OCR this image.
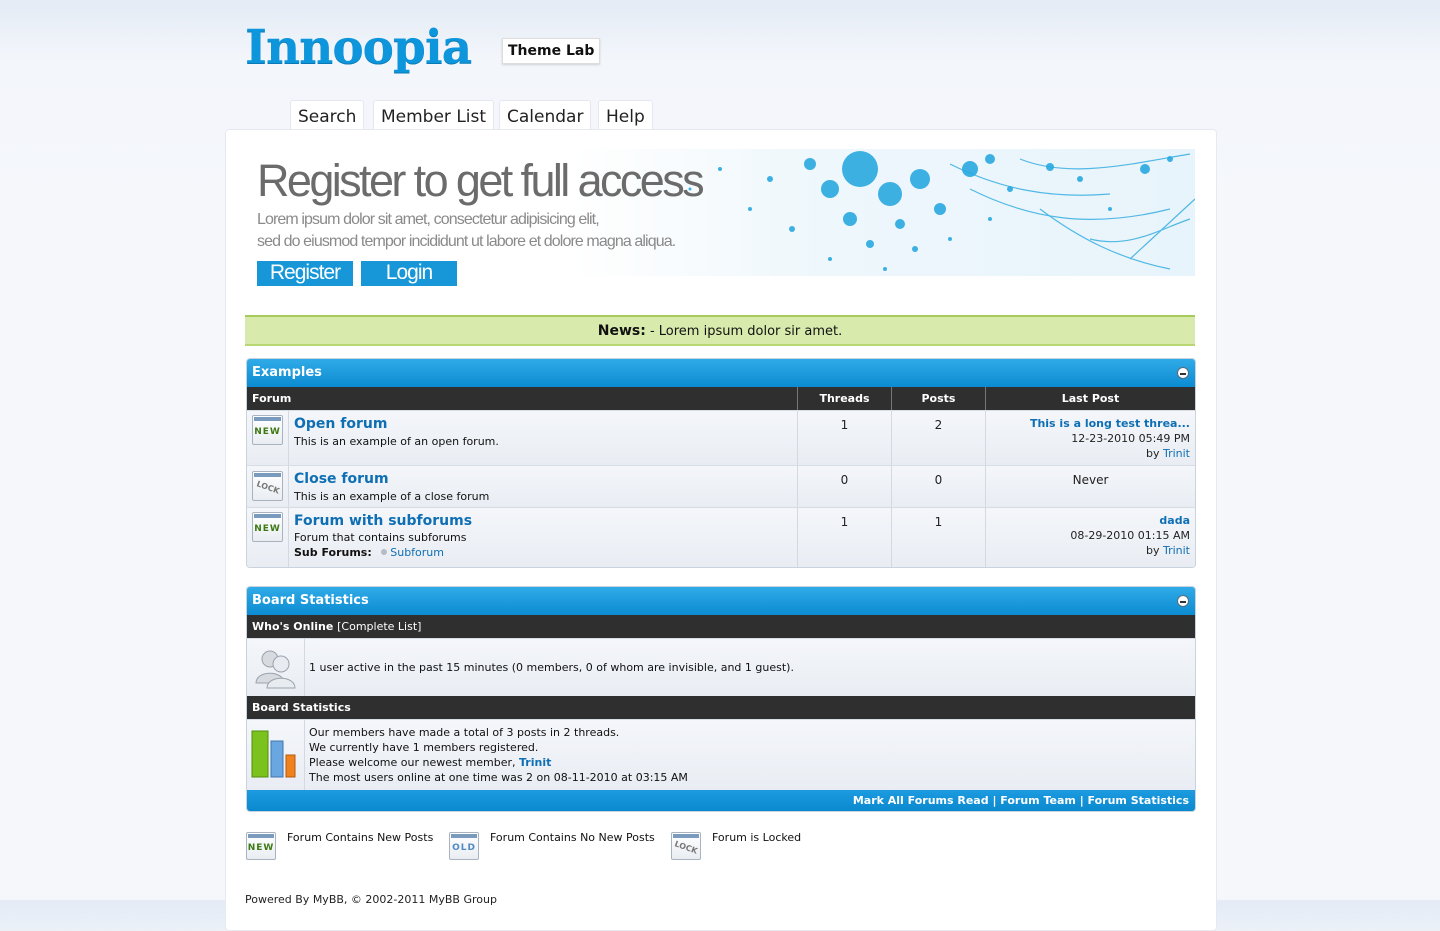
Innoopia	Theme Lab
Search	Member List	Calendar	Help
Register to get full access
Lorem ipsum dolor sit amet, consectetur adipisicing elit,
sed do eiusmod tempor incididunt ut labore et dolore magna aliqua.
Register	Login
News: - Lorem ipsum dolor sir amet.
Examples
Forum	Threads	Posts	Last Post
NEW Open forum
This is an example of an open forum.
1	2	This is a long test threa...
12-23-2010 05:49 PM
by Trinit
LOCK
Close forum
This is an example of a close forum
0	0	Never
NEW Forum with subforums
Forum that contains subforums
Sub Forums: Subforum
1	1	dada
08-29-2010 01:15 AM
by Trinit
Board Statistics
Who's Online [Complete List]
1 user active in the past 15 minutes (0 members, 0 of whom are invisible, and 1 guest).
Board Statistics
Our members have made a total of 3 posts in 2 threads.
We currently have 1 members registered.
Please welcome our newest member, Trinit
The most users online at one time was 2 on 08-11-2010 at 03:15 AM
Mark All Forums Read | Forum Team | Forum Statistics
NEW
Forum Contains New Posts
OLD
Forum Contains No New Posts
LOCK
Forum is Locked
Powered By MyBB, © 2002-2011 MyBB Group
